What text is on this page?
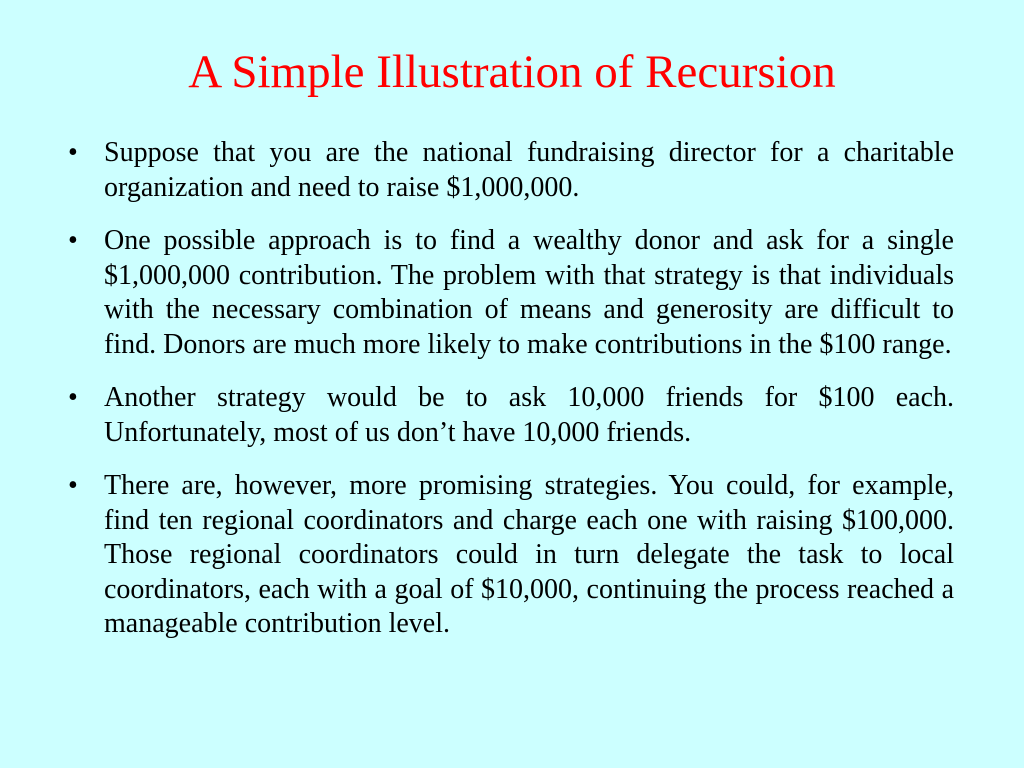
A Simple Illustration of Recursion
• Suppose that you are the national fundraising director for a charitable organization and need to raise $1,000,000.
• One possible approach is to find a wealthy donor and ask for a single $1,000,000 contribution. The problem with that strategy is that individuals with the necessary combination of means and generosity are difficult to find. Donors are much more likely to make contributions in the $100 range.
• Another strategy would be to ask 10,000 friends for $100 each. Unfortunately, most of us don’t have 10,000 friends.
• There are, however, more promising strategies. You could, for example, find ten regional coordinators and charge each one with raising $100,000. Those regional coordinators could in turn delegate the task to local coordinators, each with a goal of $10,000, continuing the process reached a manageable contribution level.
